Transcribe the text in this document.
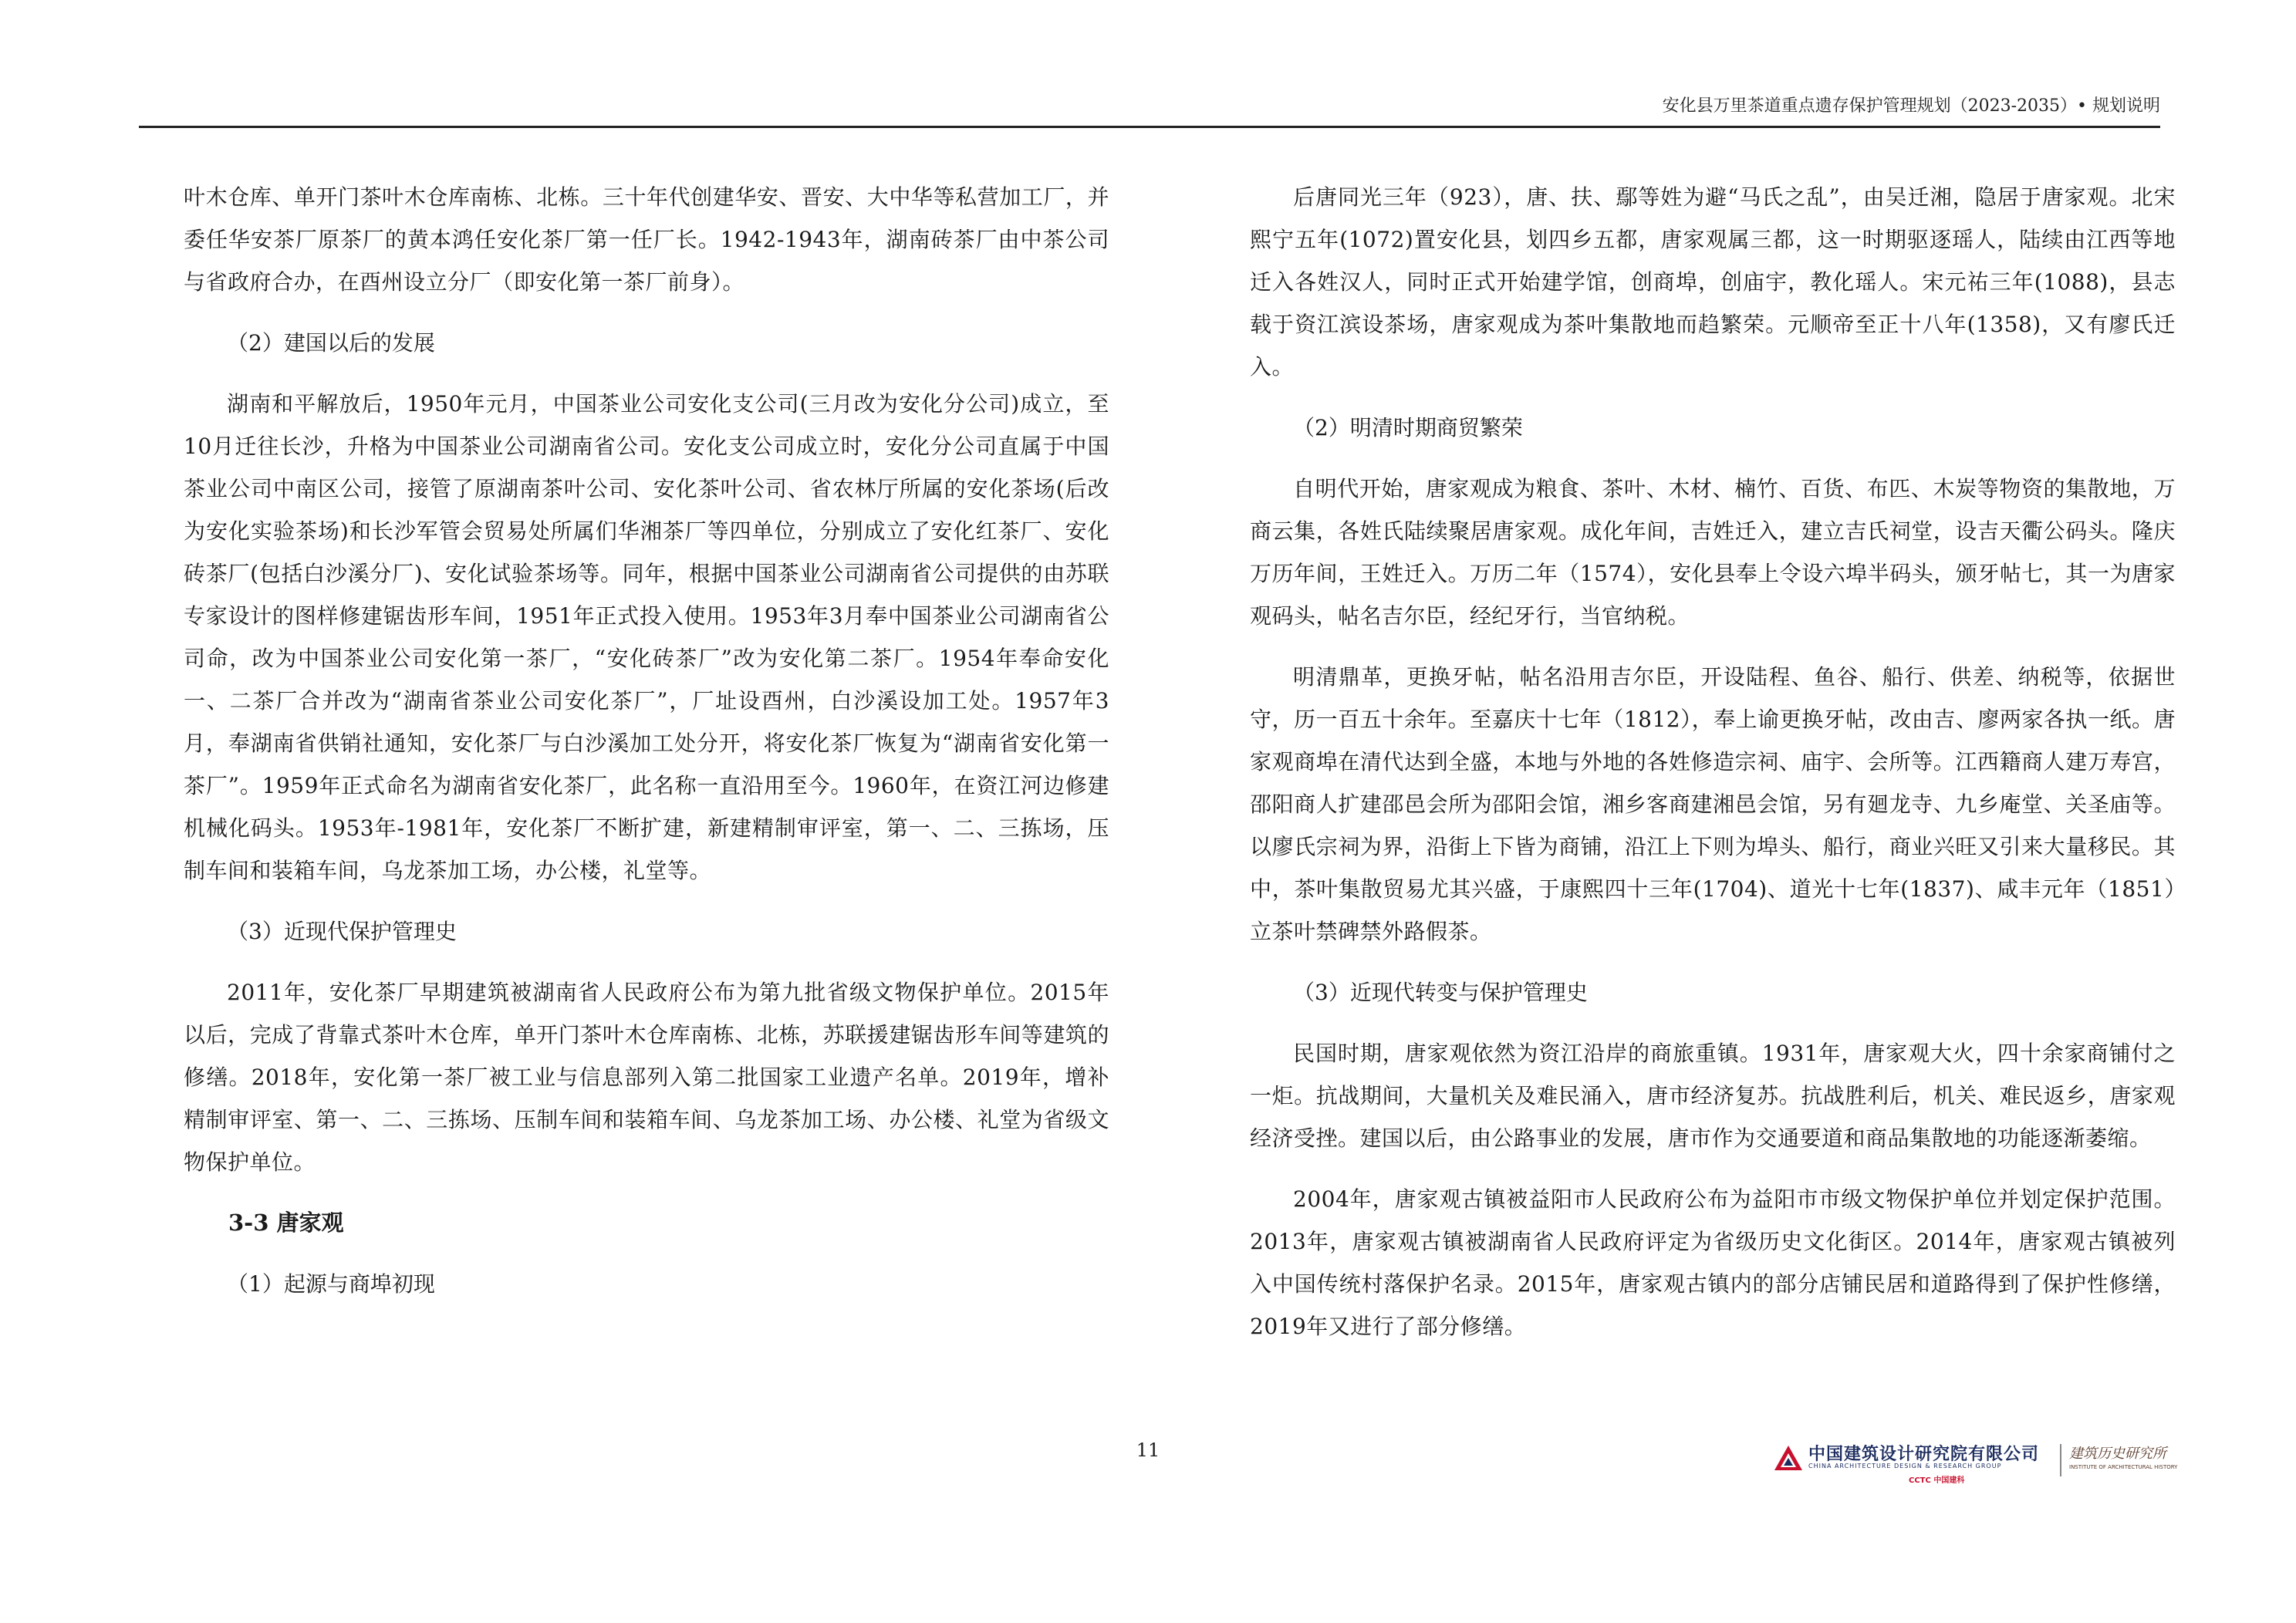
安化县万里茶道重点遗存保护管理规划（2023-2035）• 规划说明

叶木仓库、单开门茶叶木仓库南栋、北栋。三十年代创建华安、晋安、大中华等私营加工厂，并委任华安茶厂原茶厂的黄本鸿任安化茶厂第一任厂长。1942-1943年，湖南砖茶厂由中茶公司与省政府合办，在酉州设立分厂（即安化第一茶厂前身）。

（2）建国以后的发展

湖南和平解放后，1950年元月，中国茶业公司安化支公司(三月改为安化分公司)成立，至10月迁往长沙，升格为中国茶业公司湖南省公司。安化支公司成立时，安化分公司直属于中国茶业公司中南区公司，接管了原湖南茶叶公司、安化茶叶公司、省农林厅所属的安化茶场(后改为安化实验茶场)和长沙军管会贸易处所属们华湘茶厂等四单位，分别成立了安化红茶厂、安化砖茶厂(包括白沙溪分厂)、安化试验茶场等。同年，根据中国茶业公司湖南省公司提供的由苏联专家设计的图样修建锯齿形车间，1951年正式投入使用。1953年3月奉中国茶业公司湖南省公司命，改为中国茶业公司安化第一茶厂，“安化砖茶厂”改为安化第二茶厂。1954年奉命安化一、二茶厂合并改为“湖南省茶业公司安化茶厂”，厂址设酉州，白沙溪设加工处。1957年3月，奉湖南省供销社通知，安化茶厂与白沙溪加工处分开，将安化茶厂恢复为“湖南省安化第一茶厂”。1959年正式命名为湖南省安化茶厂，此名称一直沿用至今。1960年，在资江河边修建机械化码头。1953年-1981年，安化茶厂不断扩建，新建精制审评室，第一、二、三拣场，压制车间和装箱车间，乌龙茶加工场，办公楼，礼堂等。

（3）近现代保护管理史

2011年，安化茶厂早期建筑被湖南省人民政府公布为第九批省级文物保护单位。2015年以后，完成了背靠式茶叶木仓库，单开门茶叶木仓库南栋、北栋，苏联援建锯齿形车间等建筑的修缮。2018年，安化第一茶厂被工业与信息部列入第二批国家工业遗产名单。2019年，增补精制审评室、第一、二、三拣场、压制车间和装箱车间、乌龙茶加工场、办公楼、礼堂为省级文物保护单位。

3-3 唐家观

（1）起源与商埠初现

后唐同光三年（923），唐、扶、鄢等姓为避“马氏之乱”，由吴迁湘，隐居于唐家观。北宋熙宁五年(1072)置安化县，划四乡五都，唐家观属三都，这一时期驱逐瑶人，陆续由江西等地迁入各姓汉人，同时正式开始建学馆，创商埠，创庙宇，教化瑶人。宋元祐三年(1088)，县志载于资江滨设茶场，唐家观成为茶叶集散地而趋繁荣。元顺帝至正十八年(1358)，又有廖氏迁入。

（2）明清时期商贸繁荣

自明代开始，唐家观成为粮食、茶叶、木材、楠竹、百货、布匹、木炭等物资的集散地，万商云集，各姓氏陆续聚居唐家观。成化年间，吉姓迁入，建立吉氏祠堂，设吉天衢公码头。隆庆万历年间，王姓迁入。万历二年（1574），安化县奉上令设六埠半码头，颁牙帖七，其一为唐家观码头，帖名吉尔臣，经纪牙行，当官纳税。

明清鼎革，更换牙帖，帖名沿用吉尔臣，开设陆程、鱼谷、船行、供差、纳税等，依据世守，历一百五十余年。至嘉庆十七年（1812），奉上谕更换牙帖，改由吉、廖两家各执一纸。唐家观商埠在清代达到全盛，本地与外地的各姓修造宗祠、庙宇、会所等。江西籍商人建万寿宫，邵阳商人扩建邵邑会所为邵阳会馆，湘乡客商建湘邑会馆，另有廻龙寺、九乡庵堂、关圣庙等。以廖氏宗祠为界，沿街上下皆为商铺，沿江上下则为埠头、船行，商业兴旺又引来大量移民。其中，茶叶集散贸易尤其兴盛，于康熙四十三年(1704)、道光十七年(1837)、咸丰元年（1851）立茶叶禁碑禁外路假茶。

（3）近现代转变与保护管理史

民国时期，唐家观依然为资江沿岸的商旅重镇。1931年，唐家观大火，四十余家商铺付之一炬。抗战期间，大量机关及难民涌入，唐市经济复苏。抗战胜利后，机关、难民返乡，唐家观经济受挫。建国以后，由公路事业的发展，唐市作为交通要道和商品集散地的功能逐渐萎缩。

2004年，唐家观古镇被益阳市人民政府公布为益阳市市级文物保护单位并划定保护范围。2013年，唐家观古镇被湖南省人民政府评定为省级历史文化街区。2014年，唐家观古镇被列入中国传统村落保护名录。2015年，唐家观古镇内的部分店铺民居和道路得到了保护性修缮，2019年又进行了部分修缮。

11	中国建筑设计研究院有限公司
CHINA ARCHITECTURE DESIGN & RESEARCH GROUP
CCTC 中国建科
建筑历史研究所
INSTITUTE OF ARCHITECTURAL HISTORY
